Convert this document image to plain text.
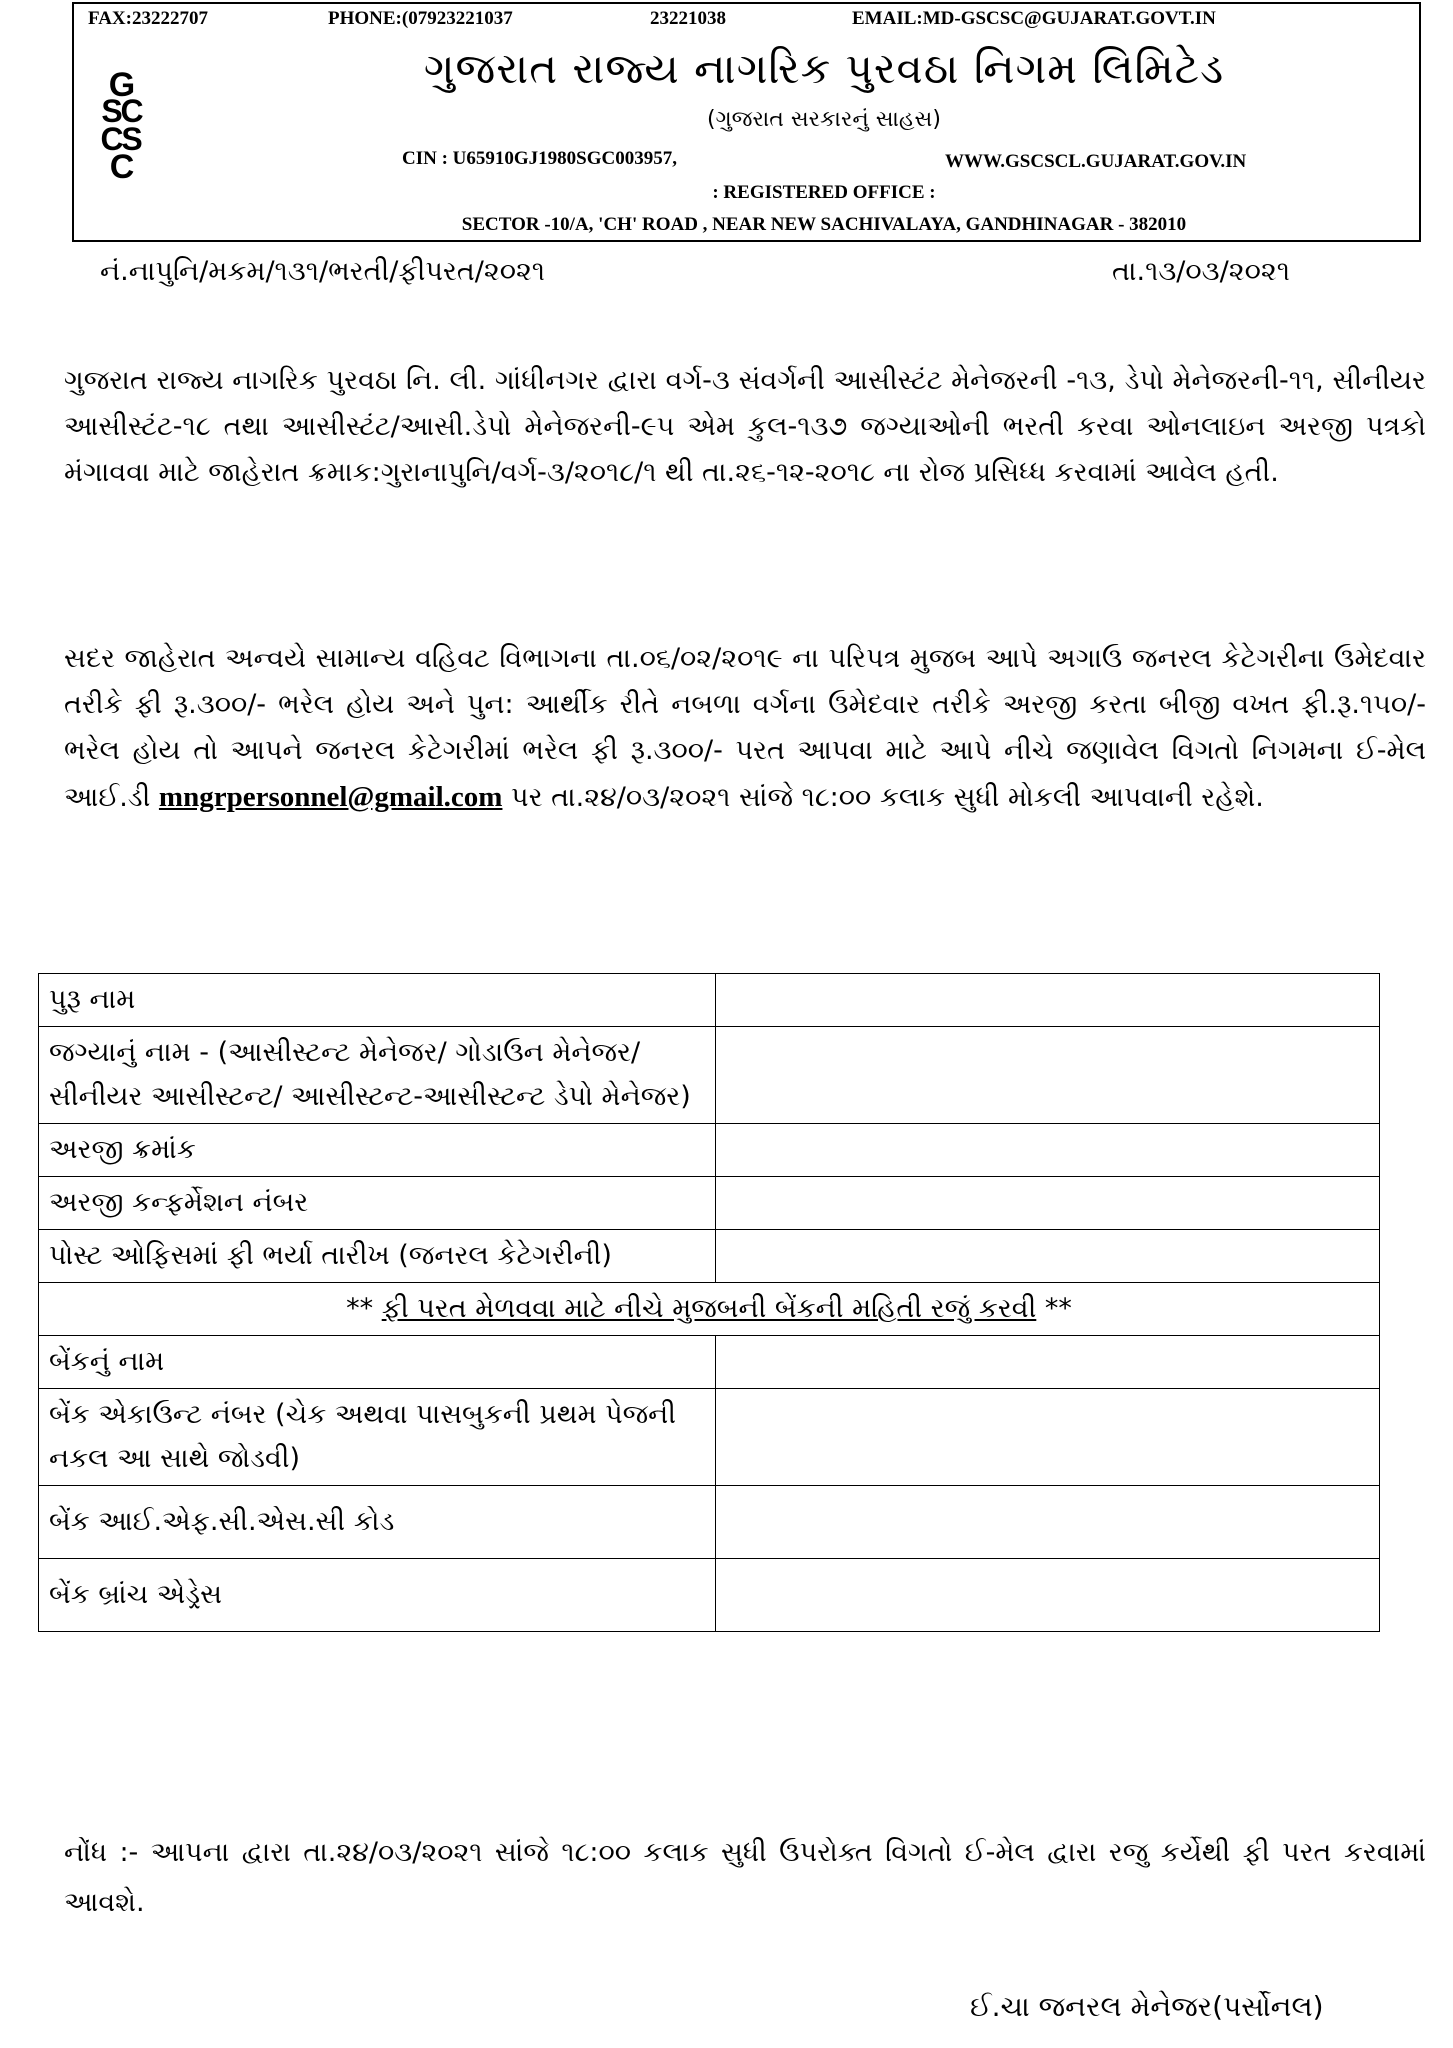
FAX:23222707	PHONE:(07923221037	23221038	EMAIL:MD-GSCSC@GUJARAT.GOVT.IN
G
S
C
C
S
C
ગુજરાત રાજ્ય નાગરિક પુરવઠા નિગમ લિમિટેડ
(ગુજરાત સરકારનું સાહસ)
CIN : U65910GJ1980SGC003957,	WWW.GSCSCL.GUJARAT.GOV.IN
: REGISTERED OFFICE :
SECTOR -10/A, 'CH' ROAD , NEAR NEW SACHIVALAYA, GANDHINAGAR - 382010
નં.નાપુનિ/મકમ/૧૩૧/ભરતી/ફીપરત/૨૦૨૧	તા.૧૩/૦૩/૨૦૨૧
ગુજરાત રાજ્ય નાગરિક પુરવઠા નિ. લી. ગાંધીનગર દ્વારા વર્ગ-૩ સંવર્ગની આસીસ્ટંટ મેનેજરની -૧૩, ડેપો મેનેજરની-૧૧, સીનીયર આસીસ્ટંટ-૧૮ તથા આસીસ્ટંટ/આસી.ડેપો મેનેજરની-૯૫ એમ કુલ-૧૩૭ જગ્યાઓની ભરતી કરવા ઓનલાઇન અરજી પત્રકો મંગાવવા માટે જાહેરાત ક્રમાક:ગુરાનાપુનિ/વર્ગ-૩/૨૦૧૮/૧ થી તા.૨૬-૧૨-૨૦૧૮ ના રોજ પ્રસિધ્ધ કરવામાં આવેલ હતી.
સદર જાહેરાત અન્વયે સામાન્ય વહિવટ વિભાગના તા.૦૬/૦૨/૨૦૧૯ ના પરિપત્ર મુજબ આપે અગાઉ જનરલ કેટેગરીના ઉમેદવાર તરીકે ફી રૂ.૩૦૦/- ભરેલ હોય અને પુન: આર્થીક રીતે નબળા વર્ગના ઉમેદવાર તરીકે અરજી કરતા બીજી વખત ફી.રૂ.૧૫૦/- ભરેલ હોય તો આપને જનરલ કેટેગરીમાં ભરેલ ફી રૂ.૩૦૦/- પરત આપવા માટે આપે નીચે જણાવેલ વિગતો નિગમના ઈ-મેલ આઈ.ડી mngrpersonnel@gmail.com પર તા.૨૪/૦૩/૨૦૨૧ સાંજે ૧૮:૦૦ કલાક સુધી મોકલી આપવાની રહેશે.
પુરૂ નામ	
જગ્યાનું નામ - (આસીસ્ટન્ટ મેનેજર/ ગોડાઉન મેનેજર/ સીનીયર આસીસ્ટન્ટ/ આસીસ્ટન્ટ-આસીસ્ટન્ટ ડેપો મેનેજર)	
અરજી ક્રમાંક	
અરજી કન્ફર્મેશન નંબર	
પોસ્ટ ઓફિસમાં ફી ભર્યા તારીખ (જનરલ કેટેગરીની)	
** ફી પરત મેળવવા માટે નીચે મુજબની બેંકની મહિતી રજું કરવી **	
બેંકનું નામ	
બેંક એકાઉન્ટ નંબર (ચેક અથવા પાસબુકની પ્રથમ પેજની નકલ આ સાથે જોડવી)	
બેંક આઈ.એફ.સી.એસ.સી કોડ	
બેંક બ્રાંચ એડ્રેસ	
નોંધ :- આપના દ્વારા તા.૨૪/૦૩/૨૦૨૧ સાંજે ૧૮:૦૦ કલાક સુધી ઉપરોક્ત વિગતો ઈ-મેલ દ્વારા રજુ કર્યેથી ફી પરત કરવામાં આવશે.
ઈ.ચા જનરલ મેનેજર(પર્સોનલ)
